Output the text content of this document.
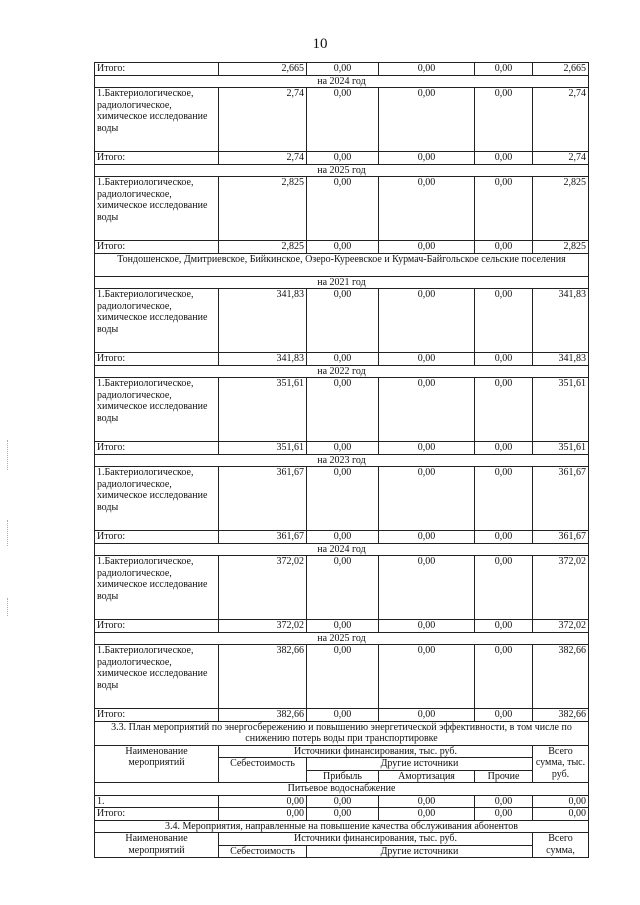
10
Итого:	2,665	0,00	0,00	0,00	2,665
на 2024 год					
1.Бактериологическое, радиологическое, химическое исследование воды	2,74	0,00	0,00	0,00	2,74
Итого:	2,74	0,00	0,00	0,00	2,74
на 2025 год					
1.Бактериологическое, радиологическое, химическое исследование воды	2,825	0,00	0,00	0,00	2,825
Итого:	2,825	0,00	0,00	0,00	2,825
Тондошенское, Дмитриевское, Бийкинское, Озеро-Куреевское и Курмач-Байгольское сельские поселения					
на 2021 год					
1.Бактериологическое, радиологическое, химическое исследование воды	341,83	0,00	0,00	0,00	341,83
Итого:	341,83	0,00	0,00	0,00	341,83
на 2022 год					
1.Бактериологическое, радиологическое, химическое исследование воды	351,61	0,00	0,00	0,00	351,61
Итого:	351,61	0,00	0,00	0,00	351,61
на 2023 год					
1.Бактериологическое, радиологическое, химическое исследование воды	361,67	0,00	0,00	0,00	361,67
Итого:	361,67	0,00	0,00	0,00	361,67
на 2024 год					
1.Бактериологическое, радиологическое, химическое исследование воды	372,02	0,00	0,00	0,00	372,02
Итого:	372,02	0,00	0,00	0,00	372,02
на 2025 год					
1.Бактериологическое, радиологическое, химическое исследование воды	382,66	0,00	0,00	0,00	382,66
Итого:	382,66	0,00	0,00	0,00	382,66
3.3. План мероприятий по энергосбережению и повышению энергетической эффективности, в том числе по снижению потерь воды при транспортировке					
Наименование мероприятий	Источники финансирования, тыс. руб.				Всего сумма, тыс. руб.
	Себестоимость	Другие источники			
		Прибыль	Амортизация	Прочие	
Питьевое водоснабжение					
1.	0,00	0,00	0,00	0,00	0,00
Итого:	0,00	0,00	0,00	0,00	0,00
3.4. Мероприятия, направленные на повышение качества обслуживания абонентов					
Наименование мероприятий	Источники финансирования, тыс. руб.				Всего сумма,
	Себестоимость	Другие источники			
